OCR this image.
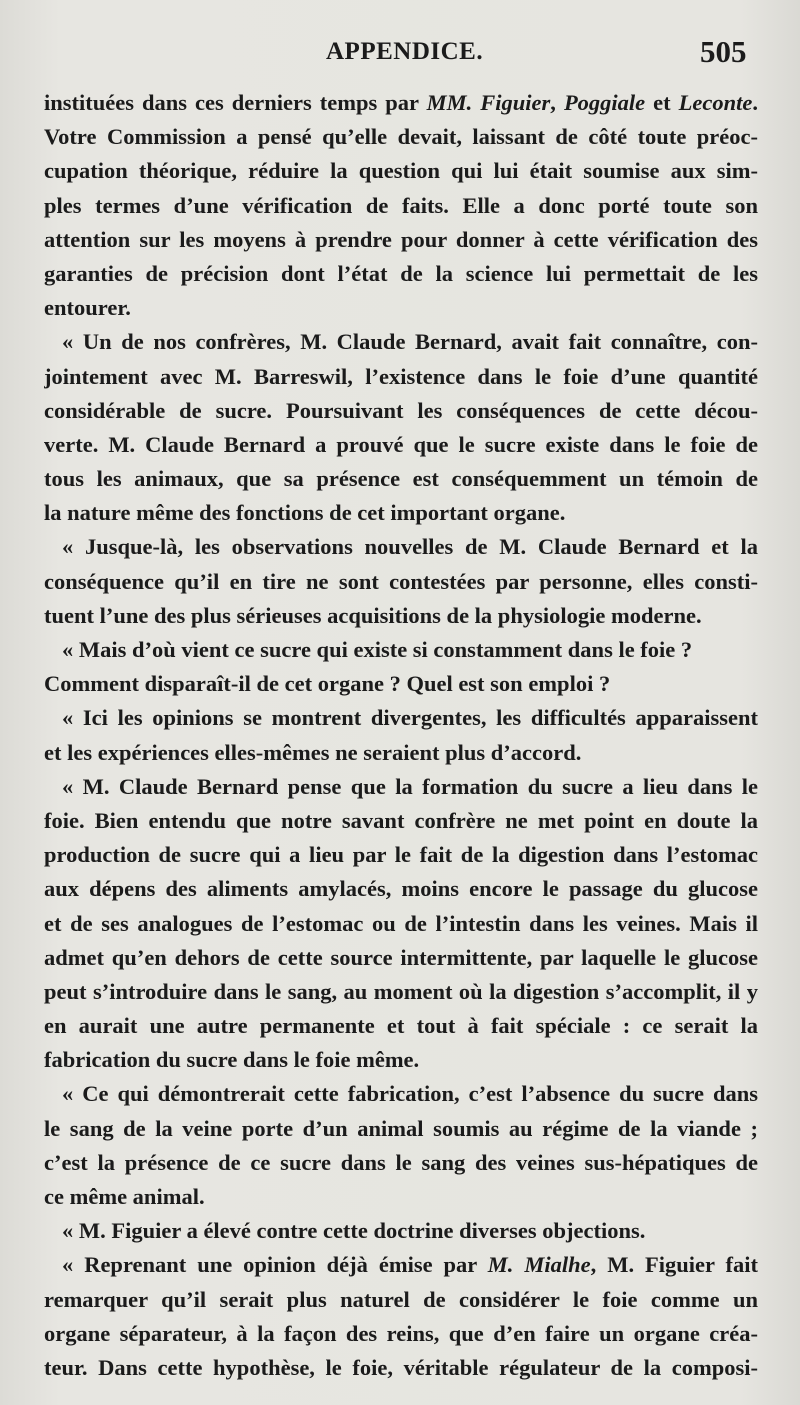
APPENDICE.	505
instituées dans ces derniers temps par MM. Figuier, Poggiale et Leconte.
Votre Commission a pensé qu’elle devait, laissant de côté toute préoc-
cupation théorique, réduire la question qui lui était soumise aux sim-
ples termes d’une vérification de faits. Elle a donc porté toute son
attention sur les moyens à prendre pour donner à cette vérification des
garanties de précision dont l’état de la science lui permettait de les
entourer.
« Un de nos confrères, M. Claude Bernard, avait fait connaître, con-
jointement avec M. Barreswil, l’existence dans le foie d’une quantité
considérable de sucre. Poursuivant les conséquences de cette décou-
verte. M. Claude Bernard a prouvé que le sucre existe dans le foie de
tous les animaux, que sa présence est conséquemment un témoin de
la nature même des fonctions de cet important organe.
« Jusque-là, les observations nouvelles de M. Claude Bernard et la
conséquence qu’il en tire ne sont contestées par personne, elles consti-
tuent l’une des plus sérieuses acquisitions de la physiologie moderne.
« Mais d’où vient ce sucre qui existe si constamment dans le foie ?
Comment disparaît-il de cet organe ? Quel est son emploi ?
« Ici les opinions se montrent divergentes, les difficultés apparaissent
et les expériences elles-mêmes ne seraient plus d’accord.
« M. Claude Bernard pense que la formation du sucre a lieu dans le
foie. Bien entendu que notre savant confrère ne met point en doute la
production de sucre qui a lieu par le fait de la digestion dans l’estomac
aux dépens des aliments amylacés, moins encore le passage du glucose
et de ses analogues de l’estomac ou de l’intestin dans les veines. Mais il
admet qu’en dehors de cette source intermittente, par laquelle le glucose
peut s’introduire dans le sang, au moment où la digestion s’accomplit, il y
en aurait une autre permanente et tout à fait spéciale : ce serait la
fabrication du sucre dans le foie même.
« Ce qui démontrerait cette fabrication, c’est l’absence du sucre dans
le sang de la veine porte d’un animal soumis au régime de la viande ;
c’est la présence de ce sucre dans le sang des veines sus-hépatiques de
ce même animal.
« M. Figuier a élevé contre cette doctrine diverses objections.
« Reprenant une opinion déjà émise par M. Mialhe, M. Figuier fait
remarquer qu’il serait plus naturel de considérer le foie comme un
organe séparateur, à la façon des reins, que d’en faire un organe créa-
teur. Dans cette hypothèse, le foie, véritable régulateur de la composi-
